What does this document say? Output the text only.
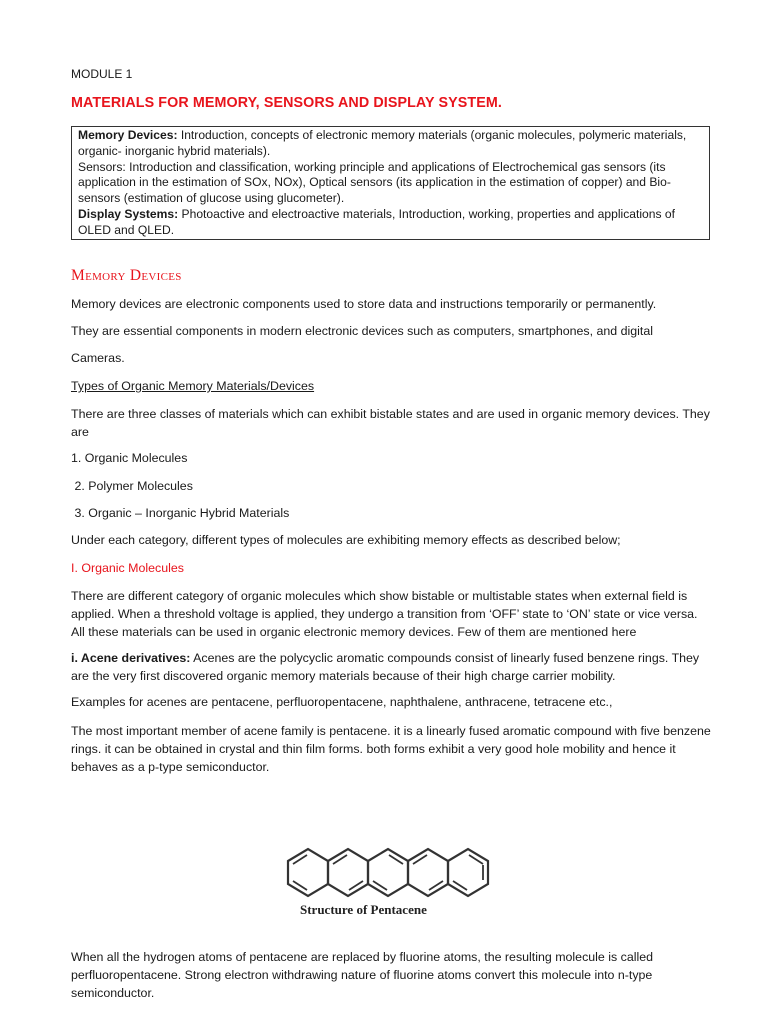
MODULE 1
MATERIALS FOR MEMORY, SENSORS AND DISPLAY SYSTEM.

Memory Devices: Introduction, concepts of electronic memory materials (organic molecules, polymeric materials, organic- inorganic hybrid materials).

Sensors: Introduction and classification, working principle and applications of Electrochemical gas sensors (its application in the estimation of SOx, NOx), Optical sensors (its application in the estimation of copper) and Bio-sensors (estimation of glucose using glucometer).

Display Systems: Photoactive and electroactive materials, Introduction, working, properties and applications of OLED and QLED.

Memory Devices
Memory devices are electronic components used to store data and instructions temporarily or permanently.
They are essential components in modern electronic devices such as computers, smartphones, and digital
Cameras.
Types of Organic Memory Materials/Devices
There are three classes of materials which can exhibit bistable states and are used in organic memory devices. They are
1. Organic Molecules
2. Polymer Molecules
3. Organic – Inorganic Hybrid Materials
Under each category, different types of molecules are exhibiting memory effects as described below;
I. Organic Molecules
There are different category of organic molecules which show bistable or multistable states when external field is applied. When a threshold voltage is applied, they undergo a transition from ‘OFF’ state to ‘ON’ state or vice versa. All these materials can be used in organic electronic memory devices. Few of them are mentioned here
i. Acene derivatives: Acenes are the polycyclic aromatic compounds consist of linearly fused benzene rings. They are the very first discovered organic memory materials because of their high charge carrier mobility.
Examples for acenes are pentacene, perfluoropentacene, naphthalene, anthracene, tetracene etc.,
The most important member of acene family is pentacene. it is a linearly fused aromatic compound with five benzene rings. it can be obtained in crystal and thin film forms. both forms exhibit a very good hole mobility and hence it behaves as a p-type semiconductor.
Structure of Pentacene
When all the hydrogen atoms of pentacene are replaced by fluorine atoms, the resulting molecule is called perfluoropentacene. Strong electron withdrawing nature of fluorine atoms convert this molecule into n-type semiconductor.
